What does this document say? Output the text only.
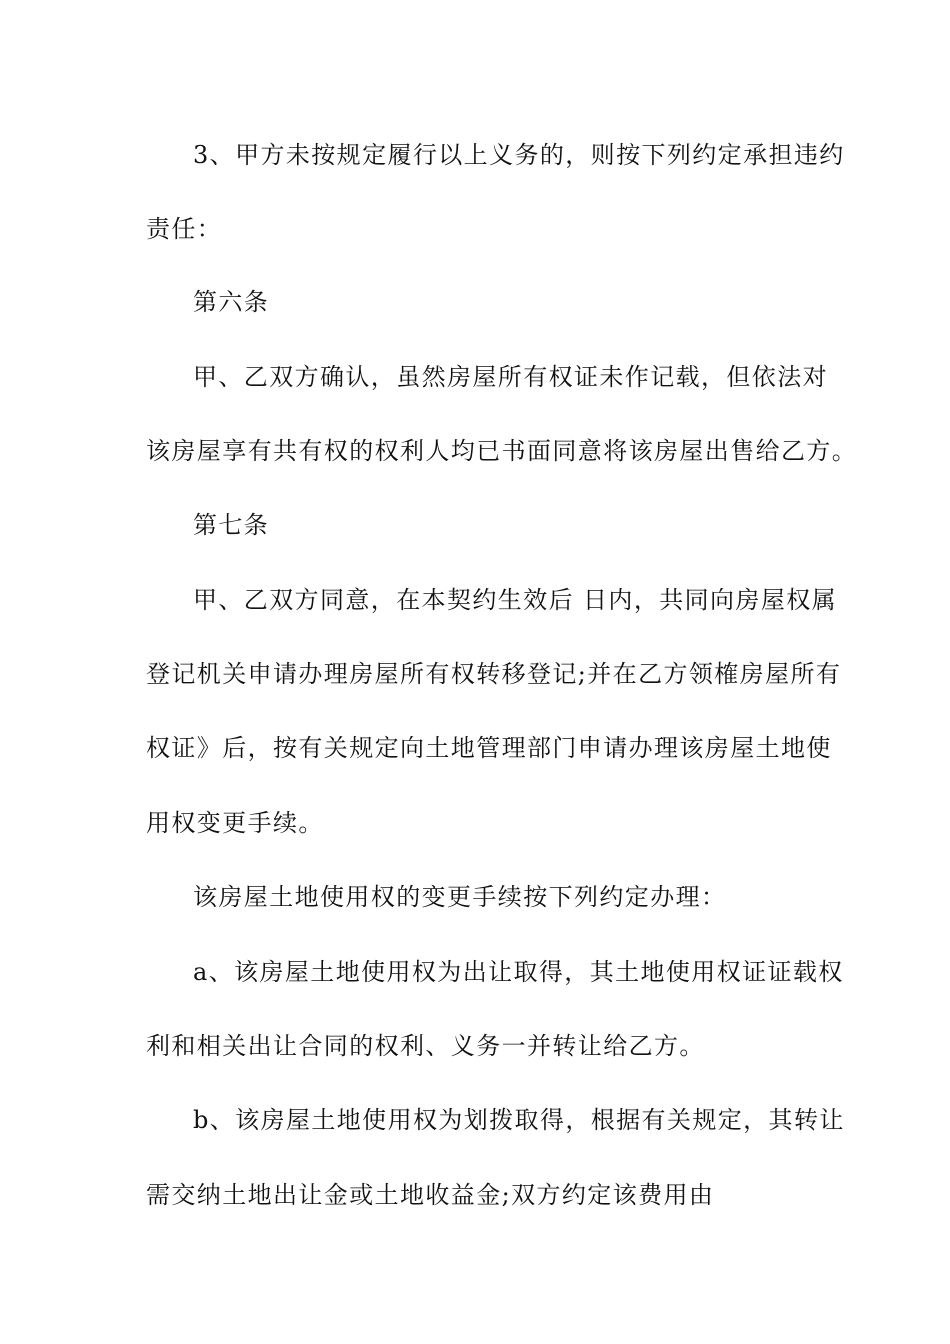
3、甲方未按规定履行以上义务的，则按下列约定承担违约
责任：
第六条
甲、乙双方确认，虽然房屋所有权证未作记载，但依法对
该房屋享有共有权的权利人均已书面同意将该房屋出售给乙方。
第七条
甲、乙双方同意，在本契约生效后 日内，共同向房屋权属
登记机关申请办理房屋所有权转移登记;并在乙方领榷房屋所有
权证》后，按有关规定向土地管理部门申请办理该房屋土地使
用权变更手续。
该房屋土地使用权的变更手续按下列约定办理：
a、该房屋土地使用权为出让取得，其土地使用权证证载权
利和相关出让合同的权利、义务一并转让给乙方。
b、该房屋土地使用权为划拨取得，根据有关规定，其转让
需交纳土地出让金或土地收益金;双方约定该费用由
